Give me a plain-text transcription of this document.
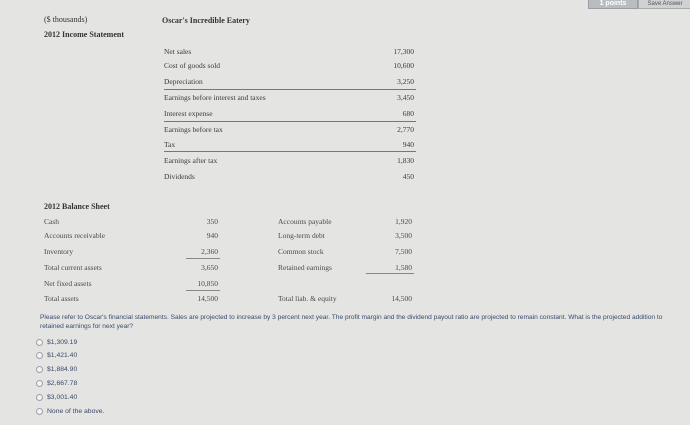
1 points	Save Answer
($ thousands)
2012 Income Statement
Oscar's Incredible Eatery
Net sales	17,300
Cost of goods sold	10,600
Depreciation	3,250
Earnings before interest and taxes	3,450
Interest expense	680
Earnings before tax	2,770
Tax	940
Earnings after tax	1,830
Dividends	450
2012 Balance Sheet
Cash	350	Accounts payable	1,920
Accounts receivable	940	Long-term debt	3,500
Inventory	2,360	Common stock	7,500
Total current assets	3,650	Retained earnings	1,580
Net fixed assets	10,850
Total assets	14,500	Total liab. & equity	14,500
Please refer to Oscar's financial statements. Sales are projected to increase by 3 percent next year. The profit margin and the dividend payout ratio are projected to remain constant. What is the projected addition to retained earnings for next year?
$1,309.19
$1,421.40
$1,884.90
$2,667.78
$3,001.40
None of the above.
